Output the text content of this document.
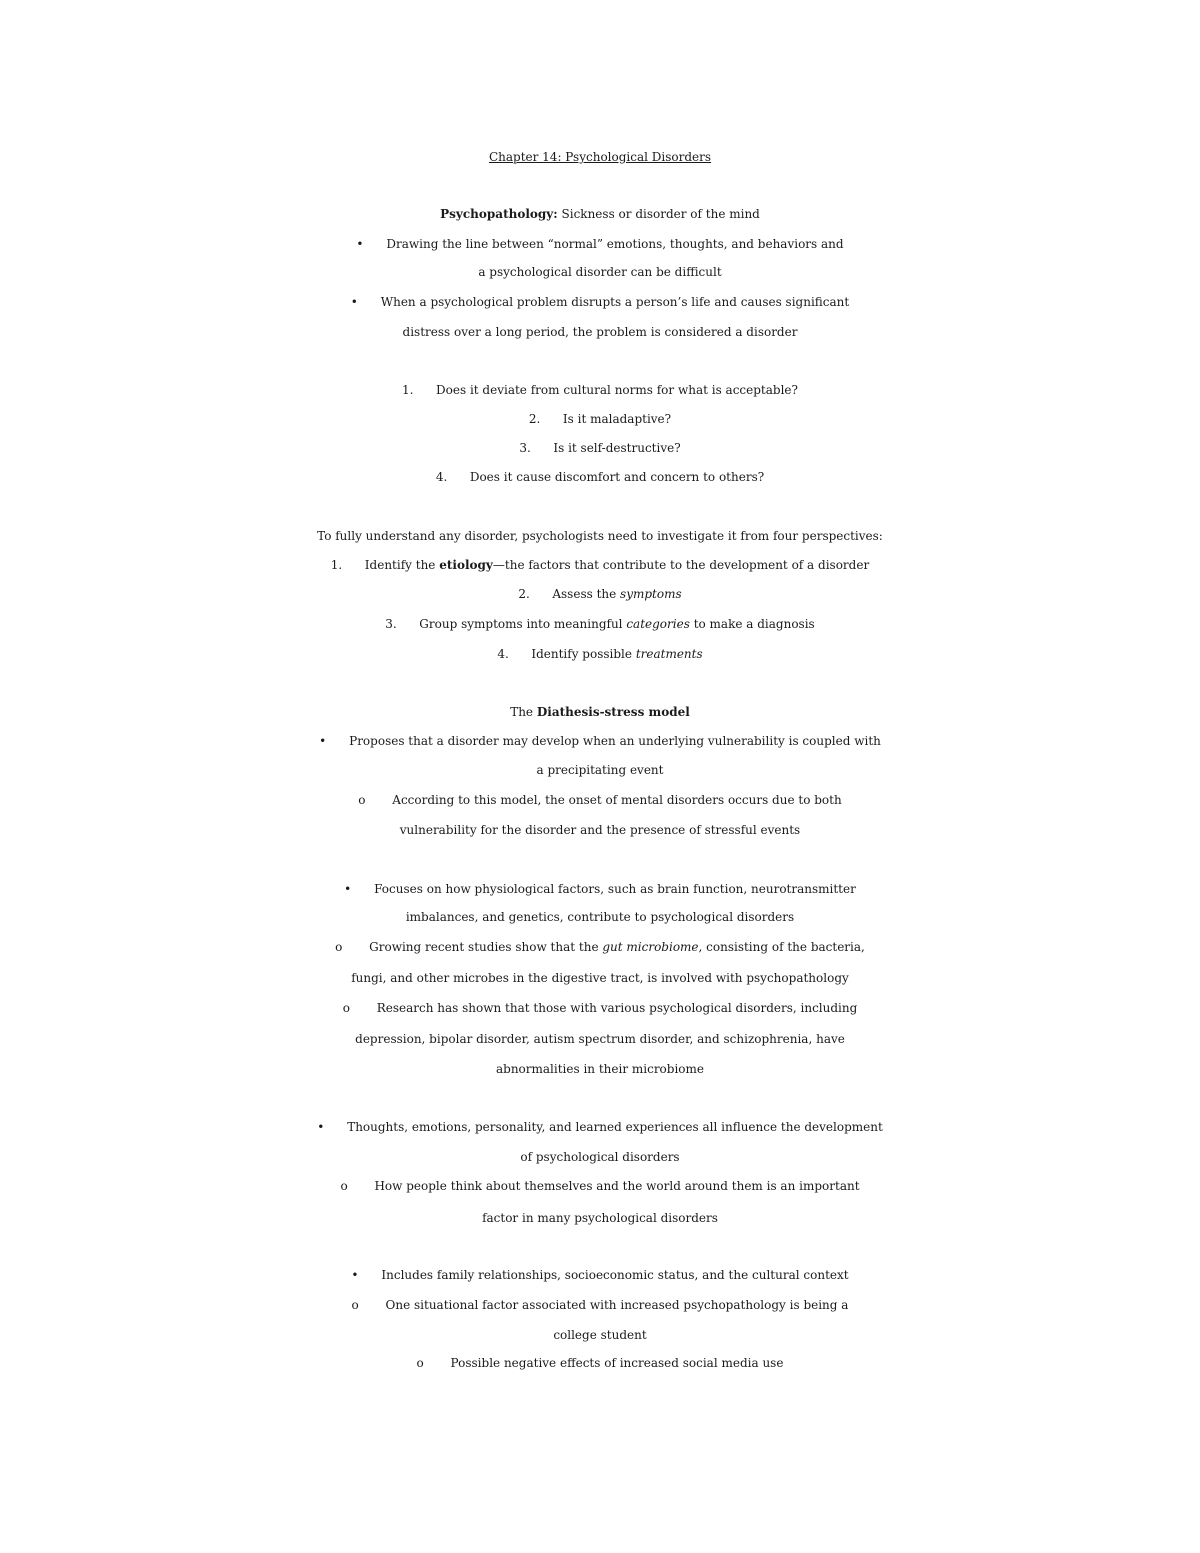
Chapter 14: Psychological Disorders
Psychopathology: Sickness or disorder of the mind
• Drawing the line between “normal” emotions, thoughts, and behaviors and
a psychological disorder can be difficult
• When a psychological problem disrupts a person’s life and causes significant
distress over a long period, the problem is considered a disorder
1. Does it deviate from cultural norms for what is acceptable?
2. Is it maladaptive?
3. Is it self-destructive?
4. Does it cause discomfort and concern to others?
To fully understand any disorder, psychologists need to investigate it from four perspectives:
1. Identify the etiology—the factors that contribute to the development of a disorder
2. Assess the symptoms
3. Group symptoms into meaningful categories to make a diagnosis
4. Identify possible treatments
The Diathesis-stress model
• Proposes that a disorder may develop when an underlying vulnerability is coupled with
a precipitating event
o According to this model, the onset of mental disorders occurs due to both
vulnerability for the disorder and the presence of stressful events
• Focuses on how physiological factors, such as brain function, neurotransmitter
imbalances, and genetics, contribute to psychological disorders
o Growing recent studies show that the gut microbiome, consisting of the bacteria,
fungi, and other microbes in the digestive tract, is involved with psychopathology
o Research has shown that those with various psychological disorders, including
depression, bipolar disorder, autism spectrum disorder, and schizophrenia, have
abnormalities in their microbiome
• Thoughts, emotions, personality, and learned experiences all influence the development
of psychological disorders
o How people think about themselves and the world around them is an important
factor in many psychological disorders
• Includes family relationships, socioeconomic status, and the cultural context
o One situational factor associated with increased psychopathology is being a
college student
o Possible negative effects of increased social media use
